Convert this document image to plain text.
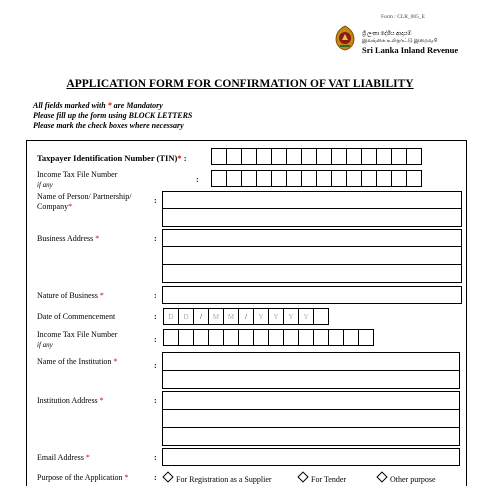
Form : CLR_005_E
ශ්‍රී ලංකා දේශීය ආදායම්
இலங்கை உள்நாட்டு இறைவரி
Sri Lanka Inland Revenue
APPLICATION FORM FOR CONFIRMATION OF VAT LIABILITY
All fields marked with * are Mandatory
Please fill up the form using BLOCK LETTERS
Please mark the check boxes where necessary
Taxpayer Identification Number (TIN)* :
Income Tax File Number
if any
:
Name of Person/ Partnership/ Company*
:
Business Address *	:
Nature of Business *	:
Date of Commencement	:	D	D	/	M	M	/	Y	Y	Y	Y
Income Tax File Number
if any
:
Name of the Institution *	:
Institution Address *	:
Email Address *	:
Purpose of the Application *	:	For Registration as a Supplier	For Tender	Other purpose
